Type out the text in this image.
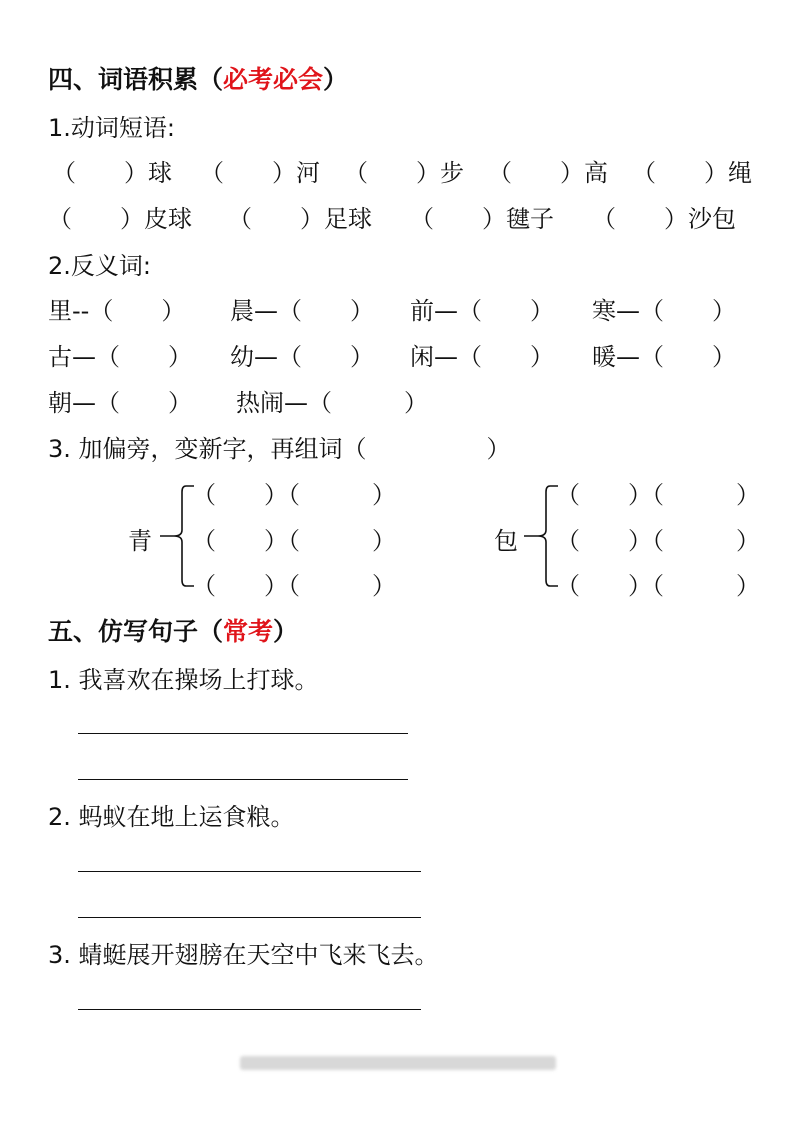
四、词语积累（必考必会）
1.动词短语:
（　　）球 （　　）河 （　　）步 （　　）高 （　　）绳
（　　）皮球 （　　）足球 （　　）毽子 （　　）沙包
2.反义词:
里--（　　） 晨—（　　） 前—（　　） 寒—（　　）
古—（　　） 幼—（　　） 闲—（　　） 暖—（　　）
朝—（　　） 热闹—（　　　）
3. 加偏旁，变新字，再组词（　　　　　）
青
（　　）（　　　）
（　　）（　　　）
（　　）（　　　）
包
（　　）（　　　）
（　　）（　　　）
（　　）（　　　）
五、仿写句子（常考）
1. 我喜欢在操场上打球。
2. 蚂蚁在地上运食粮。
3. 蜻蜓展开翅膀在天空中飞来飞去。
